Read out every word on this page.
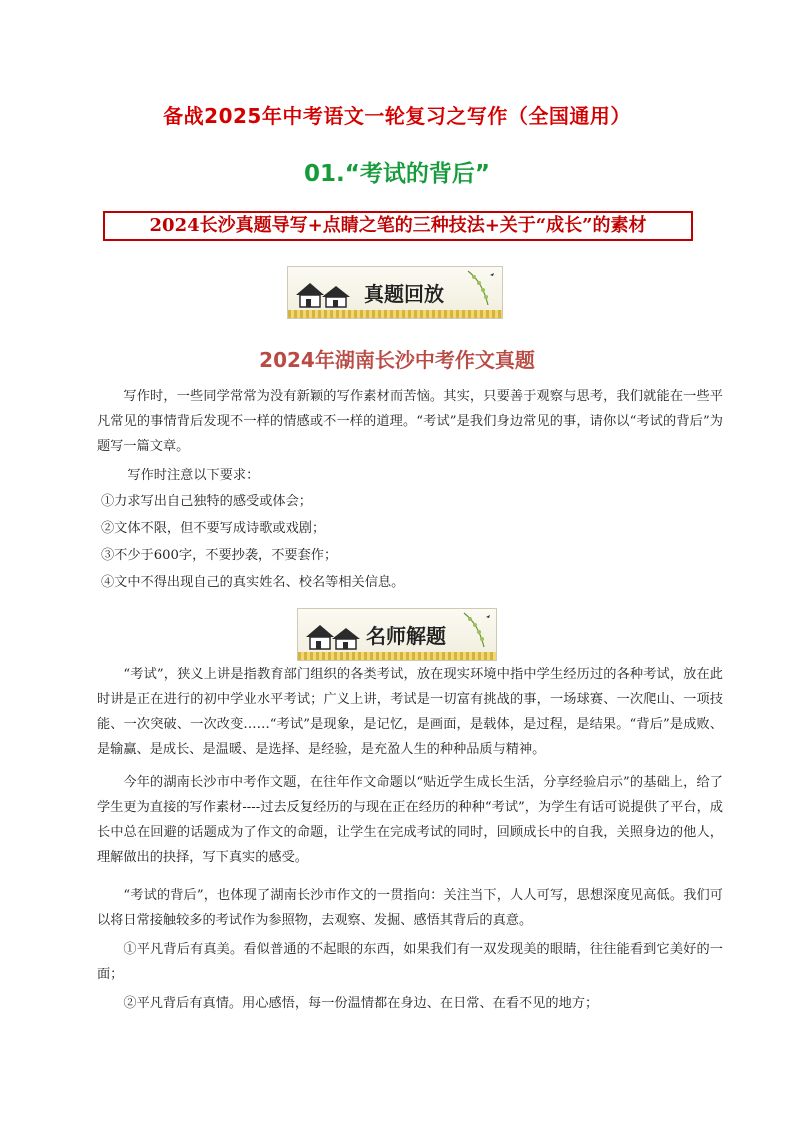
备战2025年中考语文一轮复习之写作（全国通用）
01.“考试的背后”
2024长沙真题导写+点睛之笔的三种技法+关于“成长”的素材
真题回放
2024年湖南长沙中考作文真题

写作时，一些同学常常为没有新颖的写作素材而苦恼。其实，只要善于观察与思考，我们就能在一些平凡常见的事情背后发现不一样的情感或不一样的道理。“考试”是我们身边常见的事，请你以“考试的背后”为题写一篇文章。

写作时注意以下要求：

①力求写出自己独特的感受或体会；

②文体不限，但不要写成诗歌或戏剧；

③不少于600字，不要抄袭，不要套作；

④文中不得出现自己的真实姓名、校名等相关信息。

名师解题

“考试”，狭义上讲是指教育部门组织的各类考试，放在现实环境中指中学生经历过的各种考试，放在此时讲是正在进行的初中学业水平考试；广义上讲，考试是一切富有挑战的事，一场球赛、一次爬山、一项技能、一次突破、一次改变……“考试”是现象，是记忆，是画面，是载体，是过程，是结果。“背后”是成败、是输赢、是成长、是温暖、是选择、是经验，是充盈人生的种种品质与精神。

今年的湖南长沙市中考作文题，在往年作文命题以“贴近学生成长生活，分享经验启示”的基础上，给了学生更为直接的写作素材----过去反复经历的与现在正在经历的种种“考试”，为学生有话可说提供了平台，成长中总在回避的话题成为了作文的命题，让学生在完成考试的同时，回顾成长中的自我，关照身边的他人，理解做出的抉择，写下真实的感受。

“考试的背后”，也体现了湖南长沙市作文的一贯指向：关注当下，人人可写，思想深度见高低。我们可以将日常接触较多的考试作为参照物，去观察、发掘、感悟其背后的真意。

①平凡背后有真美。看似普通的不起眼的东西，如果我们有一双发现美的眼睛，往往能看到它美好的一面；

②平凡背后有真情。用心感悟，每一份温情都在身边、在日常、在看不见的地方；
